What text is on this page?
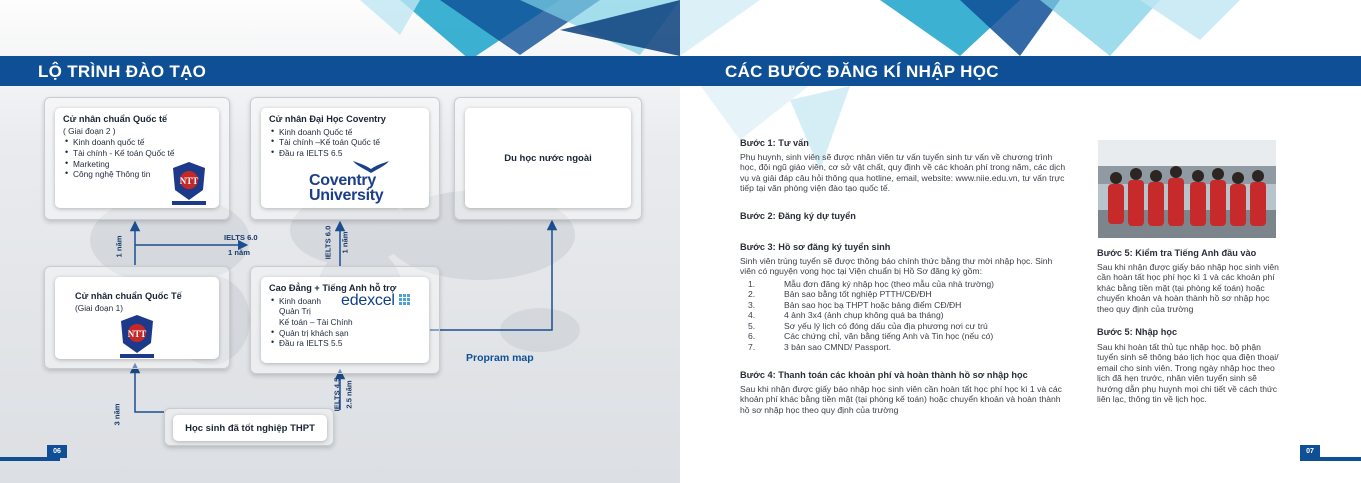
LỘ TRÌNH ĐÀO TẠO
Cử nhân chuẩn Quốc tế
( Giai đoạn 2 )
• Kinh doanh quốc tế
• Tài chính - Kế toán Quốc tế
• Marketing
• Công nghệ Thông tin
NTT
Cử nhân Đại Học Coventry
• Kinh doanh Quốc tế
• Tài chính –Kế toán Quốc tế
• Đầu ra IELTS 6.5
Coventry
University
Du học nước ngoài
Cử nhân chuẩn Quốc Tế
(Giai đoạn 1)
NTT
Cao Đẳng + Tiếng Anh hỗ trợ
• Kinh doanh
Quản Trị
Kế toán – Tài Chính
• Quản trị khách sạn
• Đầu ra IELTS 5.5
edexcel
Học sinh đã tốt nghiệp THPT
1 năm	IELTS 6.0
1 năm	IELTS 6.0 1 năm
3 năm
IELTS 4.5 2.5 năm
Propram map
06
CÁC BƯỚC ĐĂNG KÍ NHẬP HỌC
Bước 1: Tư vấn
Phụ huynh, sinh viên sẽ được nhân viên tư vấn tuyển sinh tư vấn về chương trình học, đội ngũ giáo viên, cơ sở vật chất, quy định về các khoản phí trong năm, các dịch vụ và giải đáp câu hỏi thông qua hotline, email, website: www.niie.edu.vn, tư vấn trực tiếp tại văn phòng viện đào tạo quốc tế.
Bước 2: Đăng ký dự tuyển
Bước 3: Hồ sơ đăng ký tuyển sinh
Sinh viên trúng tuyển sẽ được thông báo chính thức bằng thư mời nhập học. Sinh viên có nguyện vọng học tại Viện chuẩn bị Hồ Sơ đăng ký gồm:
1.	Mẫu đơn đăng ký nhập học (theo mẫu của nhà trường)
2.	Bản sao bằng tốt nghiệp PTTH/CĐ/ĐH
3.	Bản sao học bạ THPT hoặc bảng điểm CĐ/ĐH
4.	4 ảnh 3x4 (ảnh chụp không quá ba tháng)
5.	Sơ yếu lý lịch có đóng dấu của địa phương nơi cư trú
6.	Các chứng chỉ, văn bằng tiếng Anh và Tin học (nếu có)
7.	3 bản sao CMND/ Passport.
Bước 4: Thanh toán các khoản phí và hoàn thành hồ sơ nhập học
Sau khi nhận được giấy báo nhập học sinh viên cần hoàn tất học phí học kì 1 và các khoản phí khác bằng tiền mặt (tại phòng kế toán) hoặc chuyển khoản và hoàn thành hồ sơ nhập học theo quy định của trường
Bước 5: Kiểm tra Tiếng Anh đầu vào
Sau khi nhận được giấy báo nhập học sinh viên cần hoàn tất học phí học kì 1 và các khoản phí khác bằng tiền mặt (tại phòng kế toán) hoặc chuyển khoản và hoàn thành hồ sơ nhập học theo quy định của trường
Bước 5: Nhập học
Sau khi hoàn tất thủ tục nhập học. bộ phận tuyển sinh sẽ thông báo lịch học qua điện thoại/ email cho sinh viên. Trong ngày nhập học theo lịch đã hẹn trước, nhân viên tuyển sinh sẽ hướng dẫn phụ huynh mọi chi tiết về cách thức liên lạc, thông tin về lịch học.
07
